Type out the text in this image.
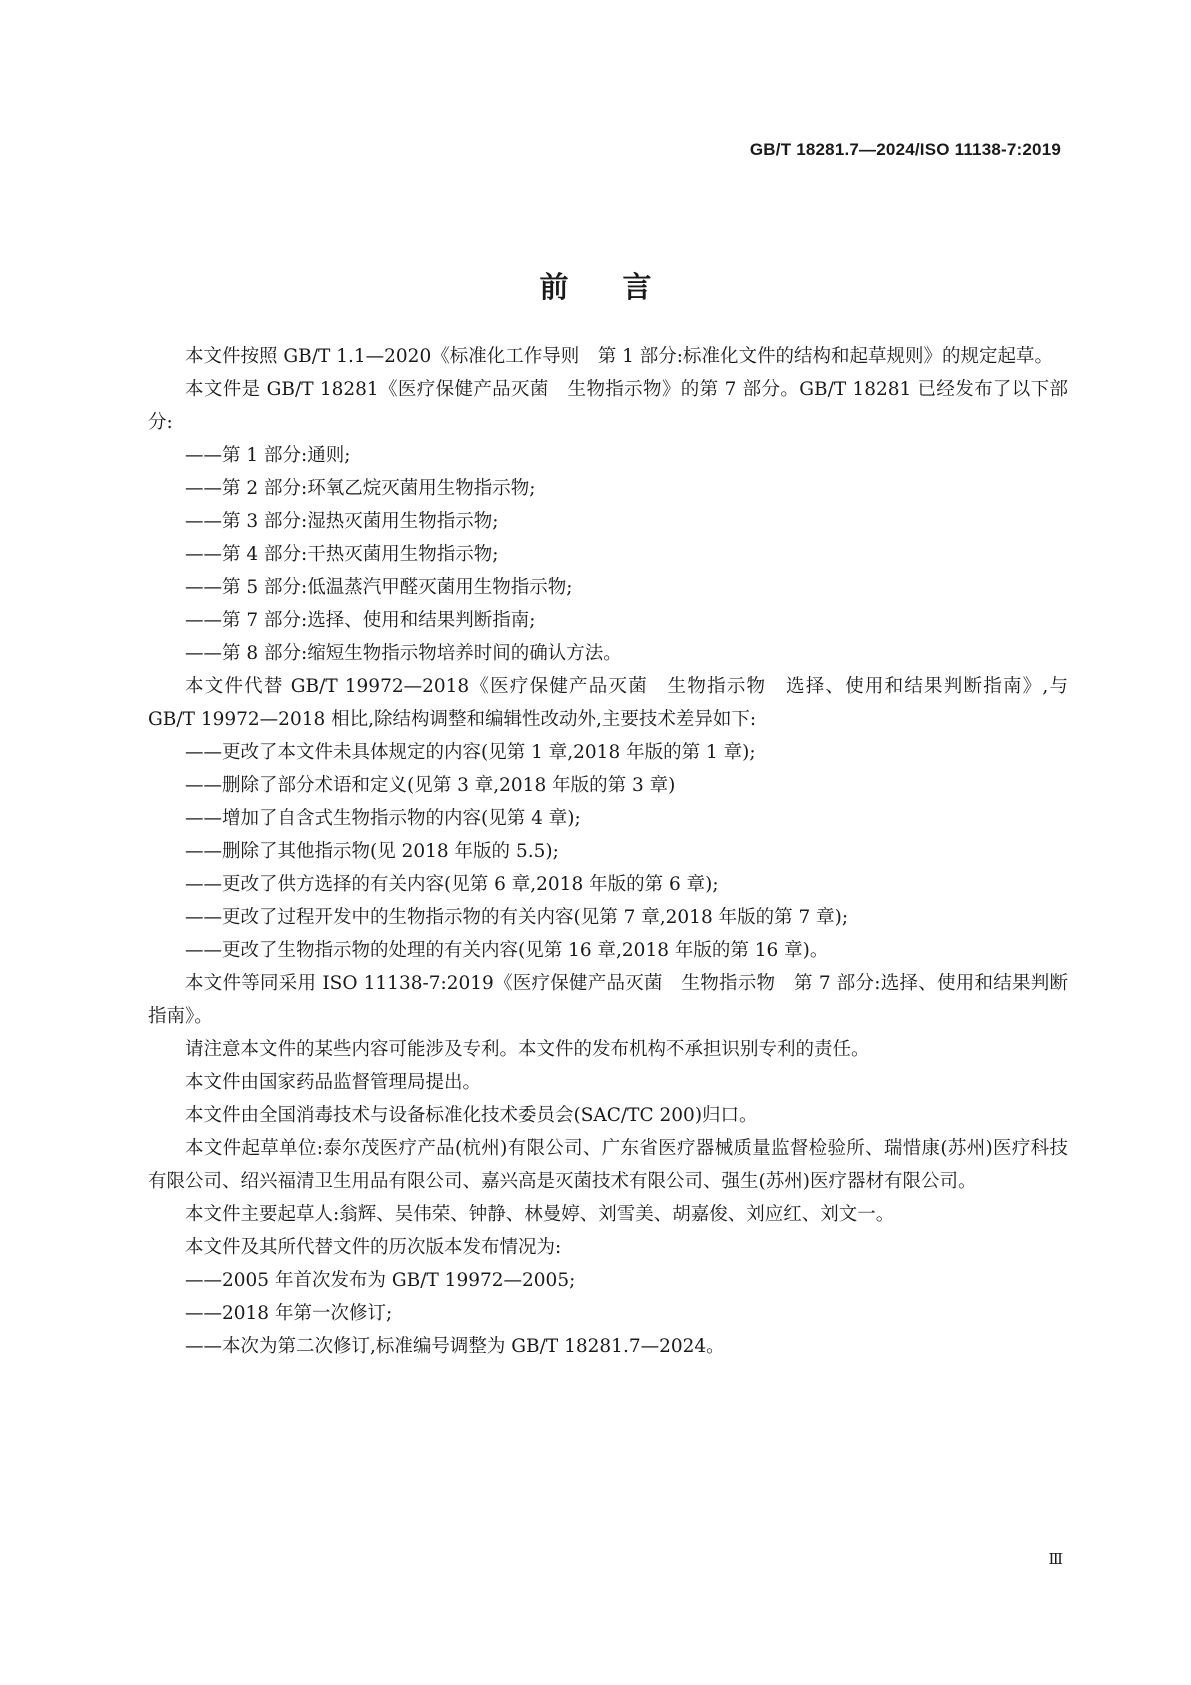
GB/T 18281.7—2024/ISO 11138-7:2019
前言

本文件按照 GB/T 1.1—2020《标准化工作导则　第 1 部分:标准化文件的结构和起草规则》的规定起草。

本文件是 GB/T 18281《医疗保健产品灭菌　生物指示物》的第 7 部分。GB/T 18281 已经发布了以下部分:

——第 1 部分:通则;

——第 2 部分:环氧乙烷灭菌用生物指示物;

——第 3 部分:湿热灭菌用生物指示物;

——第 4 部分:干热灭菌用生物指示物;

——第 5 部分:低温蒸汽甲醛灭菌用生物指示物;

——第 7 部分:选择、使用和结果判断指南;

——第 8 部分:缩短生物指示物培养时间的确认方法。

本文件代替 GB/T 19972—2018《医疗保健产品灭菌　生物指示物　选择、使用和结果判断指南》,与 GB/T 19972—2018 相比,除结构调整和编辑性改动外,主要技术差异如下:

——更改了本文件未具体规定的内容(见第 1 章,2018 年版的第 1 章);

——删除了部分术语和定义(见第 3 章,2018 年版的第 3 章)

——增加了自含式生物指示物的内容(见第 4 章);

——删除了其他指示物(见 2018 年版的 5.5);

——更改了供方选择的有关内容(见第 6 章,2018 年版的第 6 章);

——更改了过程开发中的生物指示物的有关内容(见第 7 章,2018 年版的第 7 章);

——更改了生物指示物的处理的有关内容(见第 16 章,2018 年版的第 16 章)。

本文件等同采用 ISO 11138-7:2019《医疗保健产品灭菌　生物指示物　第 7 部分:选择、使用和结果判断指南》。

请注意本文件的某些内容可能涉及专利。本文件的发布机构不承担识别专利的责任。

本文件由国家药品监督管理局提出。

本文件由全国消毒技术与设备标准化技术委员会(SAC/TC 200)归口。

本文件起草单位:泰尔茂医疗产品(杭州)有限公司、广东省医疗器械质量监督检验所、瑞惜康(苏州)医疗科技有限公司、绍兴福清卫生用品有限公司、嘉兴高是灭菌技术有限公司、强生(苏州)医疗器材有限公司。

本文件主要起草人:翁辉、吴伟荣、钟静、林曼婷、刘雪美、胡嘉俊、刘应红、刘文一。

本文件及其所代替文件的历次版本发布情况为:

——2005 年首次发布为 GB/T 19972—2005;

——2018 年第一次修订;

——本次为第二次修订,标准编号调整为 GB/T 18281.7—2024。

Ⅲ
